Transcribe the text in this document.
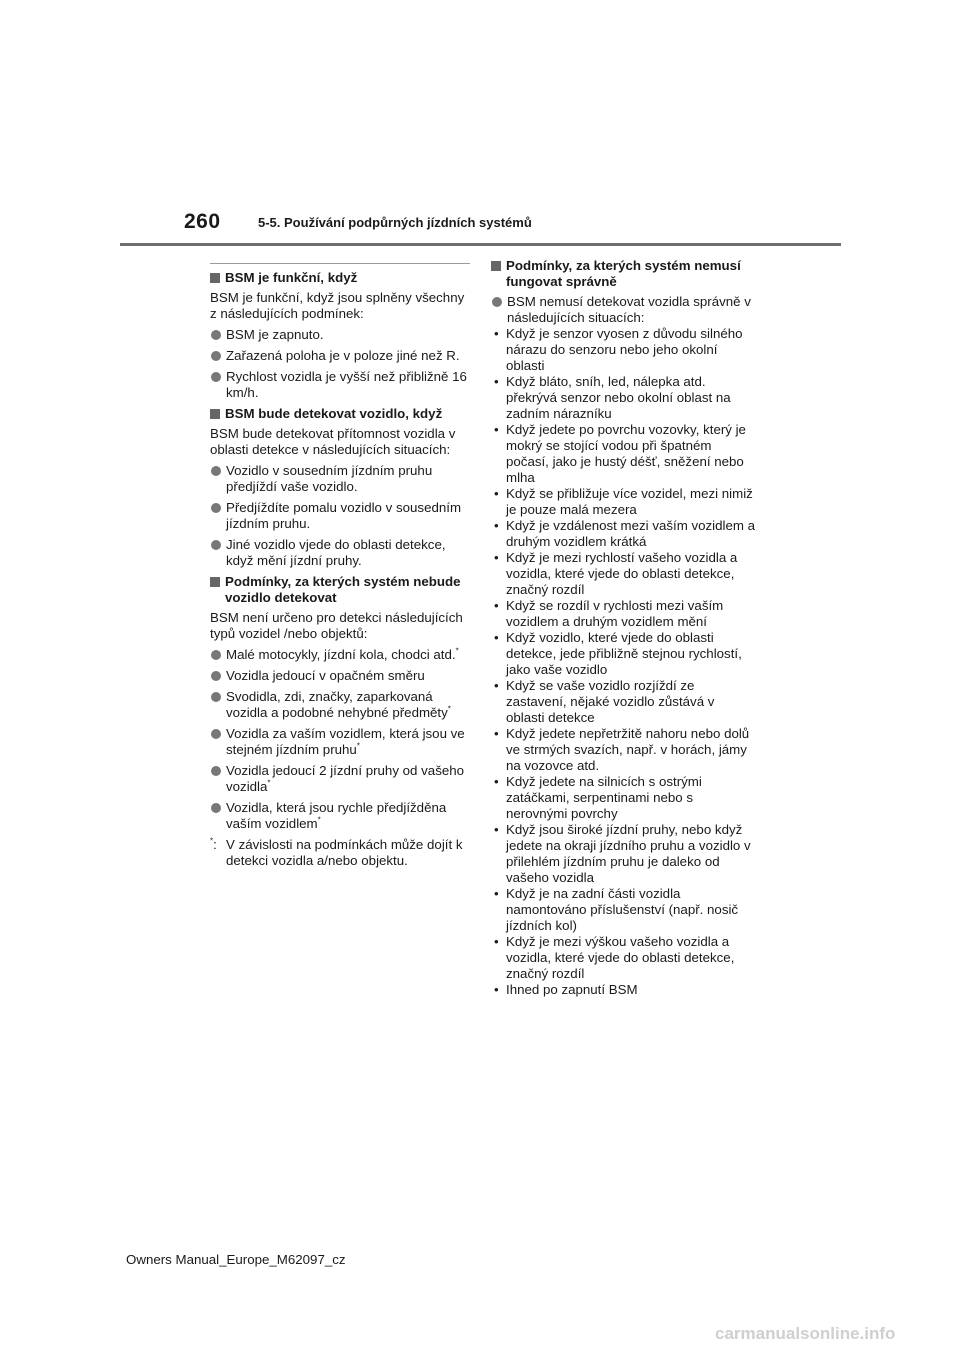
260	5-5. Používání podpůrných jízdních systémů
BSM je funkční, když

BSM je funkční, když jsou splněny všechny z následujících podmínek:

BSM je zapnuto.
Zařazená poloha je v poloze jiné než R.
Rychlost vozidla je vyšší než přibližně 16 km/h.
BSM bude detekovat vozidlo, když

BSM bude detekovat přítomnost vozidla v oblasti detekce v následujících situacích:

Vozidlo v sousedním jízdním pruhu předjíždí vaše vozidlo.
Předjíždíte pomalu vozidlo v sousedním jízdním pruhu.
Jiné vozidlo vjede do oblasti detekce, když mění jízdní pruhy.
Podmínky, za kterých systém nebude vozidlo detekovat

BSM není určeno pro detekci následujících typů vozidel /nebo objektů:

Malé motocykly, jízdní kola, chodci atd.*
Vozidla jedoucí v opačném směru
Svodidla, zdi, značky, zaparkovaná vozidla a podobné nehybné předměty*
Vozidla za vaším vozidlem, která jsou ve stejném jízdním pruhu*
Vozidla jedoucí 2 jízdní pruhy od vašeho vozidla*
Vozidla, která jsou rychle předjížděna vaším vozidlem*
*: V závislosti na podmínkách může dojít k detekci vozidla a/nebo objektu.
Podmínky, za kterých systém nemusí fungovat správně
BSM nemusí detekovat vozidla správně v následujících situacích:
• Když je senzor vyosen z důvodu silného nárazu do senzoru nebo jeho okolní oblasti
• Když bláto, sníh, led, nálepka atd. překrývá senzor nebo okolní oblast na zadním nárazníku
• Když jedete po povrchu vozovky, který je mokrý se stojící vodou při špatném počasí, jako je hustý déšť, sněžení nebo mlha
• Když se přibližuje více vozidel, mezi nimiž je pouze malá mezera
• Když je vzdálenost mezi vaším vozidlem a druhým vozidlem krátká
• Když je mezi rychlostí vašeho vozidla a vozidla, které vjede do oblasti detekce, značný rozdíl
• Když se rozdíl v rychlosti mezi vaším vozidlem a druhým vozidlem mění
• Když vozidlo, které vjede do oblasti detekce, jede přibližně stejnou rychlostí, jako vaše vozidlo
• Když se vaše vozidlo rozjíždí ze zastavení, nějaké vozidlo zůstává v oblasti detekce
• Když jedete nepřetržitě nahoru nebo dolů ve strmých svazích, např. v horách, jámy na vozovce atd.
• Když jedete na silnicích s ostrými zatáčkami, serpentinami nebo s nerovnými povrchy
• Když jsou široké jízdní pruhy, nebo když jedete na okraji jízdního pruhu a vozidlo v přilehlém jízdním pruhu je daleko od vašeho vozidla
• Když je na zadní části vozidla namontováno příslušenství (např. nosič jízdních kol)
• Když je mezi výškou vašeho vozidla a vozidla, které vjede do oblasti detekce, značný rozdíl
• Ihned po zapnutí BSM
Owners Manual_Europe_M62097_cz
carmanualsonline.info
